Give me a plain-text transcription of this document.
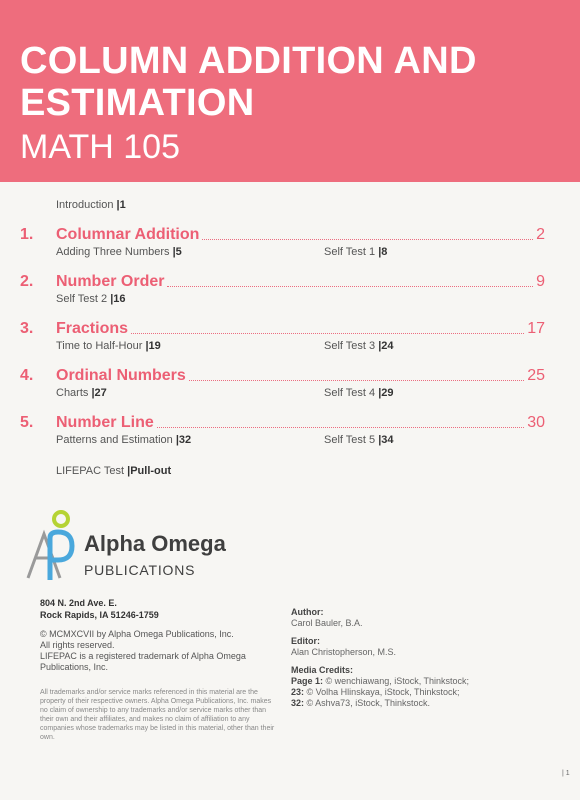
COLUMN ADDITION AND ESTIMATION
MATH 105
Introduction |1
1. Columnar Addition	2
Adding Three Numbers |5	Self Test 1 |8
2. Number Order	9
Self Test 2 |16
3. Fractions	17
Time to Half-Hour |19	Self Test 3 |24
4. Ordinal Numbers	25
Charts |27	Self Test 4 |29
5. Number Line	30
Patterns and Estimation |32	Self Test 5 |34
LIFEPAC Test |Pull-out
Alpha Omega
PUBLICATIONS
804 N. 2nd Ave. E.
Rock Rapids, IA 51246-1759
© MCMXCVII by Alpha Omega Publications, Inc.
All rights reserved.
LIFEPAC is a registered trademark of Alpha Omega Publications, Inc.
All trademarks and/or service marks referenced in this material are the property of their respective owners. Alpha Omega Publications, Inc. makes no claim of ownership to any trademarks and/or service marks other than their own and their affiliates, and makes no claim of affiliation to any companies whose trademarks may be listed in this material, other than their own.
Author:
Carol Bauler, B.A.
Editor:
Alan Christopherson, M.S.
Media Credits:
Page 1: © wenchiawang, iStock, Thinkstock;
23: © Volha Hlinskaya, iStock, Thinkstock;
32: © Ashva73, iStock, Thinkstock.
| 1
